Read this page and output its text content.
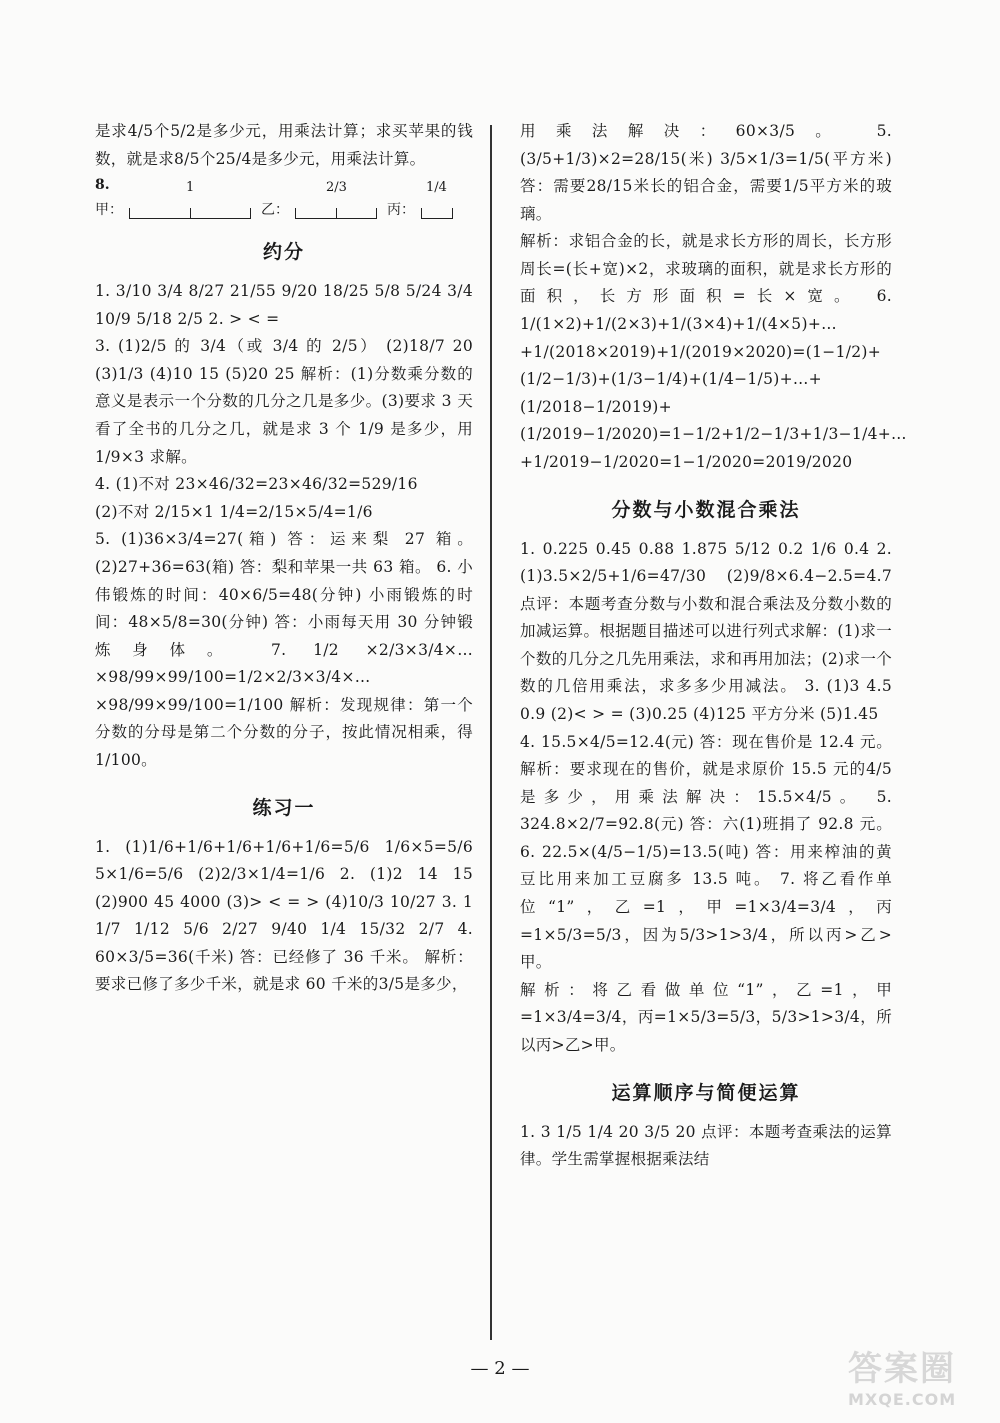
是求4/5个5/2是多少元，用乘法计算；求买苹果的钱数，就是求8/5个25/4是多少元，用乘法计算。

8.
甲：
1
乙：
2/3
丙：
1/4
约分

1. 3/10 3/4 8/27 21/55 9/20 18/25 5/8 5/24 3/4 10/9 5/18 2/5 2. > < =

3. (1)2/5 的 3/4（或 3/4 的 2/5） (2)18/7 20 (3)1/3 (4)10 15 (5)20 25 解析：(1)分数乘分数的意义是表示一个分数的几分之几是多少。(3)要求 3 天看了全书的几分之几，就是求 3 个 1/9 是多少，用 1/9×3 求解。

4. (1)不对 23×46/32=23×46/32=529/16

(2)不对 2/15×1 1/4=2/15×5/4=1/6

5. (1)36×3/4=27(箱) 答：运来梨 27 箱。(2)27+36=63(箱) 答：梨和苹果一共 63 箱。 6. 小伟锻炼的时间：40×6/5=48(分钟) 小雨锻炼的时间：48×5/8=30(分钟) 答：小雨每天用 30 分钟锻炼身体。 7. 1/2 ×2/3×3/4×…×98/99×99/100=1/2×2/3×3/4×…×98/99×99/100=1/100 解析：发现规律：第一个分数的分母是第二个分数的分子，按此情况相乘，得1/100。

练习一

1. (1)1/6+1/6+1/6+1/6+1/6=5/6 1/6×5=5/6 5×1/6=5/6 (2)2/3×1/4=1/6 2. (1)2 14 15 (2)900 45 4000 (3)> < = > (4)10/3 10/27 3. 1 1/7 1/12 5/6 2/27 9/40 1/4 15/32 2/7 4. 60×3/5=36(千米) 答：已经修了 36 千米。 解析：要求已修了多少千米，就是求 60 千米的3/5是多少，

用乘法解决：60×3/5。 5. (3/5+1/3)×2=28/15(米) 3/5×1/3=1/5(平方米) 答：需要28/15米长的铝合金，需要1/5平方米的玻璃。

解析：求铝合金的长，就是求长方形的周长，长方形周长=(长+宽)×2，求玻璃的面积，就是求长方形的面积，长方形面积=长×宽。 6. 1/(1×2)+1/(2×3)+1/(3×4)+1/(4×5)+…+1/(2018×2019)+1/(2019×2020)=(1−1/2)+(1/2−1/3)+(1/3−1/4)+(1/4−1/5)+…+(1/2018−1/2019)+(1/2019−1/2020)=1−1/2+1/2−1/3+1/3−1/4+…+1/2019−1/2020=1−1/2020=2019/2020

分数与小数混合乘法

1. 0.225 0.45 0.88 1.875 5/12 0.2 1/6 0.4 2. (1)3.5×2/5+1/6=47/30 (2)9/8×6.4−2.5=4.7 点评：本题考查分数与小数和混合乘法及分数小数的加减运算。根据题目描述可以进行列式求解：(1)求一个数的几分之几先用乘法，求和再用加法；(2)求一个数的几倍用乘法，求多多少用减法。 3. (1)3 4.5 0.9 (2)< > = (3)0.25 (4)125 平方分米 (5)1.45

4. 15.5×4/5=12.4(元) 答：现在售价是 12.4 元。 解析：要求现在的售价，就是求原价 15.5 元的4/5是多少，用乘法解决：15.5×4/5。 5. 324.8×2/7=92.8(元) 答：六(1)班捐了 92.8 元。 6. 22.5×(4/5−1/5)=13.5(吨) 答：用来榨油的黄豆比用来加工豆腐多 13.5 吨。 7. 将乙看作单位“1”，乙=1，甲=1×3/4=3/4，丙=1×5/3=5/3，因为5/3>1>3/4，所以丙>乙>甲。

解析：将乙看做单位“1”，乙=1，甲=1×3/4=3/4，丙=1×5/3=5/3，5/3>1>3/4，所以丙>乙>甲。

运算顺序与简便运算

1. 3 1/5 1/4 20 3/5 20 点评：本题考查乘法的运算律。学生需掌握根据乘法结

— 2 —	答案圈
MXQE.COM
